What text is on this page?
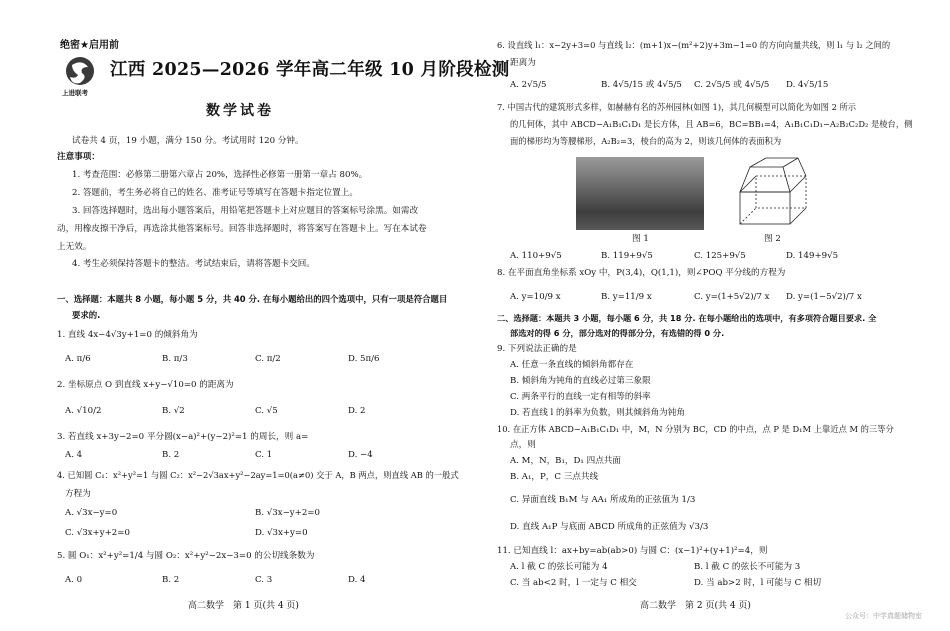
绝密★启用前
上进联考
江西 2025—2026 学年高二年级 10 月阶段检测
数学试卷
试卷共 4 页，19 小题，满分 150 分。考试用时 120 分钟。
注意事项：
1. 考查范围：必修第二册第六章占 20%，选择性必修第一册第一章占 80%。
2. 答题前，考生务必将自己的姓名、准考证号等填写在答题卡指定位置上。
3. 回答选择题时，选出每小题答案后，用铅笔把答题卡上对应题目的答案标号涂黑。如需改
动，用橡皮擦干净后，再选涂其他答案标号。回答非选择题时，将答案写在答题卡上。写在本试卷
上无效。
4. 考生必须保持答题卡的整洁。考试结束后，请将答题卡交回。
一、选择题：本题共 8 小题，每小题 5 分，共 40 分. 在每小题给出的四个选项中，只有一项是符合题目
要求的.
1. 直线 4x−4√3y+1=0 的倾斜角为
A. π/6	B. π/3	C. π/2	D. 5π/6
2. 坐标原点 O 到直线 x+y−√10=0 的距离为
A. √10/2	B. √2	C. √5	D. 2
3. 若直线 x+3y−2=0 平分圆(x−a)²+(y−2)²=1 的周长，则 a=
A. 4	B. 2	C. 1	D. −4
4. 已知圆 C₁：x²+y²=1 与圆 C₂：x²−2√3ax+y²−2ay=1=0(a≠0) 交于 A，B 两点，则直线 AB 的一般式
方程为
A. √3x−y=0	B. √3x−y+2=0
C. √3x+y+2=0	D. √3x+y=0
5. 圆 O₁：x²+y²=1/4 与圆 O₂：x²+y²−2x−3=0 的公切线条数为
A. 0	B. 2	C. 3	D. 4
高二数学　第 1 页(共 4 页)
6. 设直线 l₁：x−2y+3=0 与直线 l₂：(m+1)x−(m²+2)y+3m−1=0 的方向向量共线，则 l₁ 与 l₂ 之间的
距离为
A. 2√5/5	B. 4√5/15 或 4√5/5 C. 2√5/5 或 4√5/5 D. 4√5/15
7. 中国古代的建筑形式多样，如赫赫有名的苏州园林(如图 1)，其几何模型可以简化为如图 2 所示
的几何体，其中 ABCD−A₁B₁C₁D₁ 是长方体，且 AB=6，BC=BB₁=4，A₁B₁C₁D₁−A₂B₂C₂D₂ 是棱台，侧
面的梯形均为等腰梯形，A₂B₂=3，棱台的高为 2，则该几何体的表面积为
图 1	图 2
A. 110+9√5	B. 119+9√5	C. 125+9√5	D. 149+9√5
8. 在平面直角坐标系 xOy 中，P(3,4)，Q(1,1)，则∠POQ 平分线的方程为
A. y=10/9 x	B. y=11/9 x	C. y=(1+5√2)/7 x D. y=(1−5√2)/7 x
二、选择题：本题共 3 小题，每小题 6 分，共 18 分. 在每小题给出的选项中，有多项符合题目要求. 全
部选对的得 6 分，部分选对的得部分分，有选错的得 0 分.
9. 下列说法正确的是
A. 任意一条直线的倾斜角都存在
B. 倾斜角为钝角的直线必过第三象限
C. 两条平行的直线一定有相等的斜率
D. 若直线 l 的斜率为负数，则其倾斜角为钝角
10. 在正方体 ABCD−A₁B₁C₁D₁ 中，M，N 分别为 BC，CD 的中点，点 P 是 D₁M 上靠近点 M 的三等分
点，则
A. M，N，B₁，D₁ 四点共面
B. A₁，P，C 三点共线
C. 异面直线 B₁M 与 AA₁ 所成角的正弦值为 1/3
D. 直线 A₁P 与底面 ABCD 所成角的正弦值为 √3/3
11. 已知直线 l：ax+by=ab(ab>0) 与圆 C：(x−1)²+(y+1)²=4，则
A. l 截 C 的弦长可能为 4	B. l 截 C 的弦长不可能为 3
C. 当 ab<2 时，l 一定与 C 相交	D. 当 ab>2 时，l 可能与 C 相切
高二数学　第 2 页(共 4 页)
公众号：中学真题储物室
